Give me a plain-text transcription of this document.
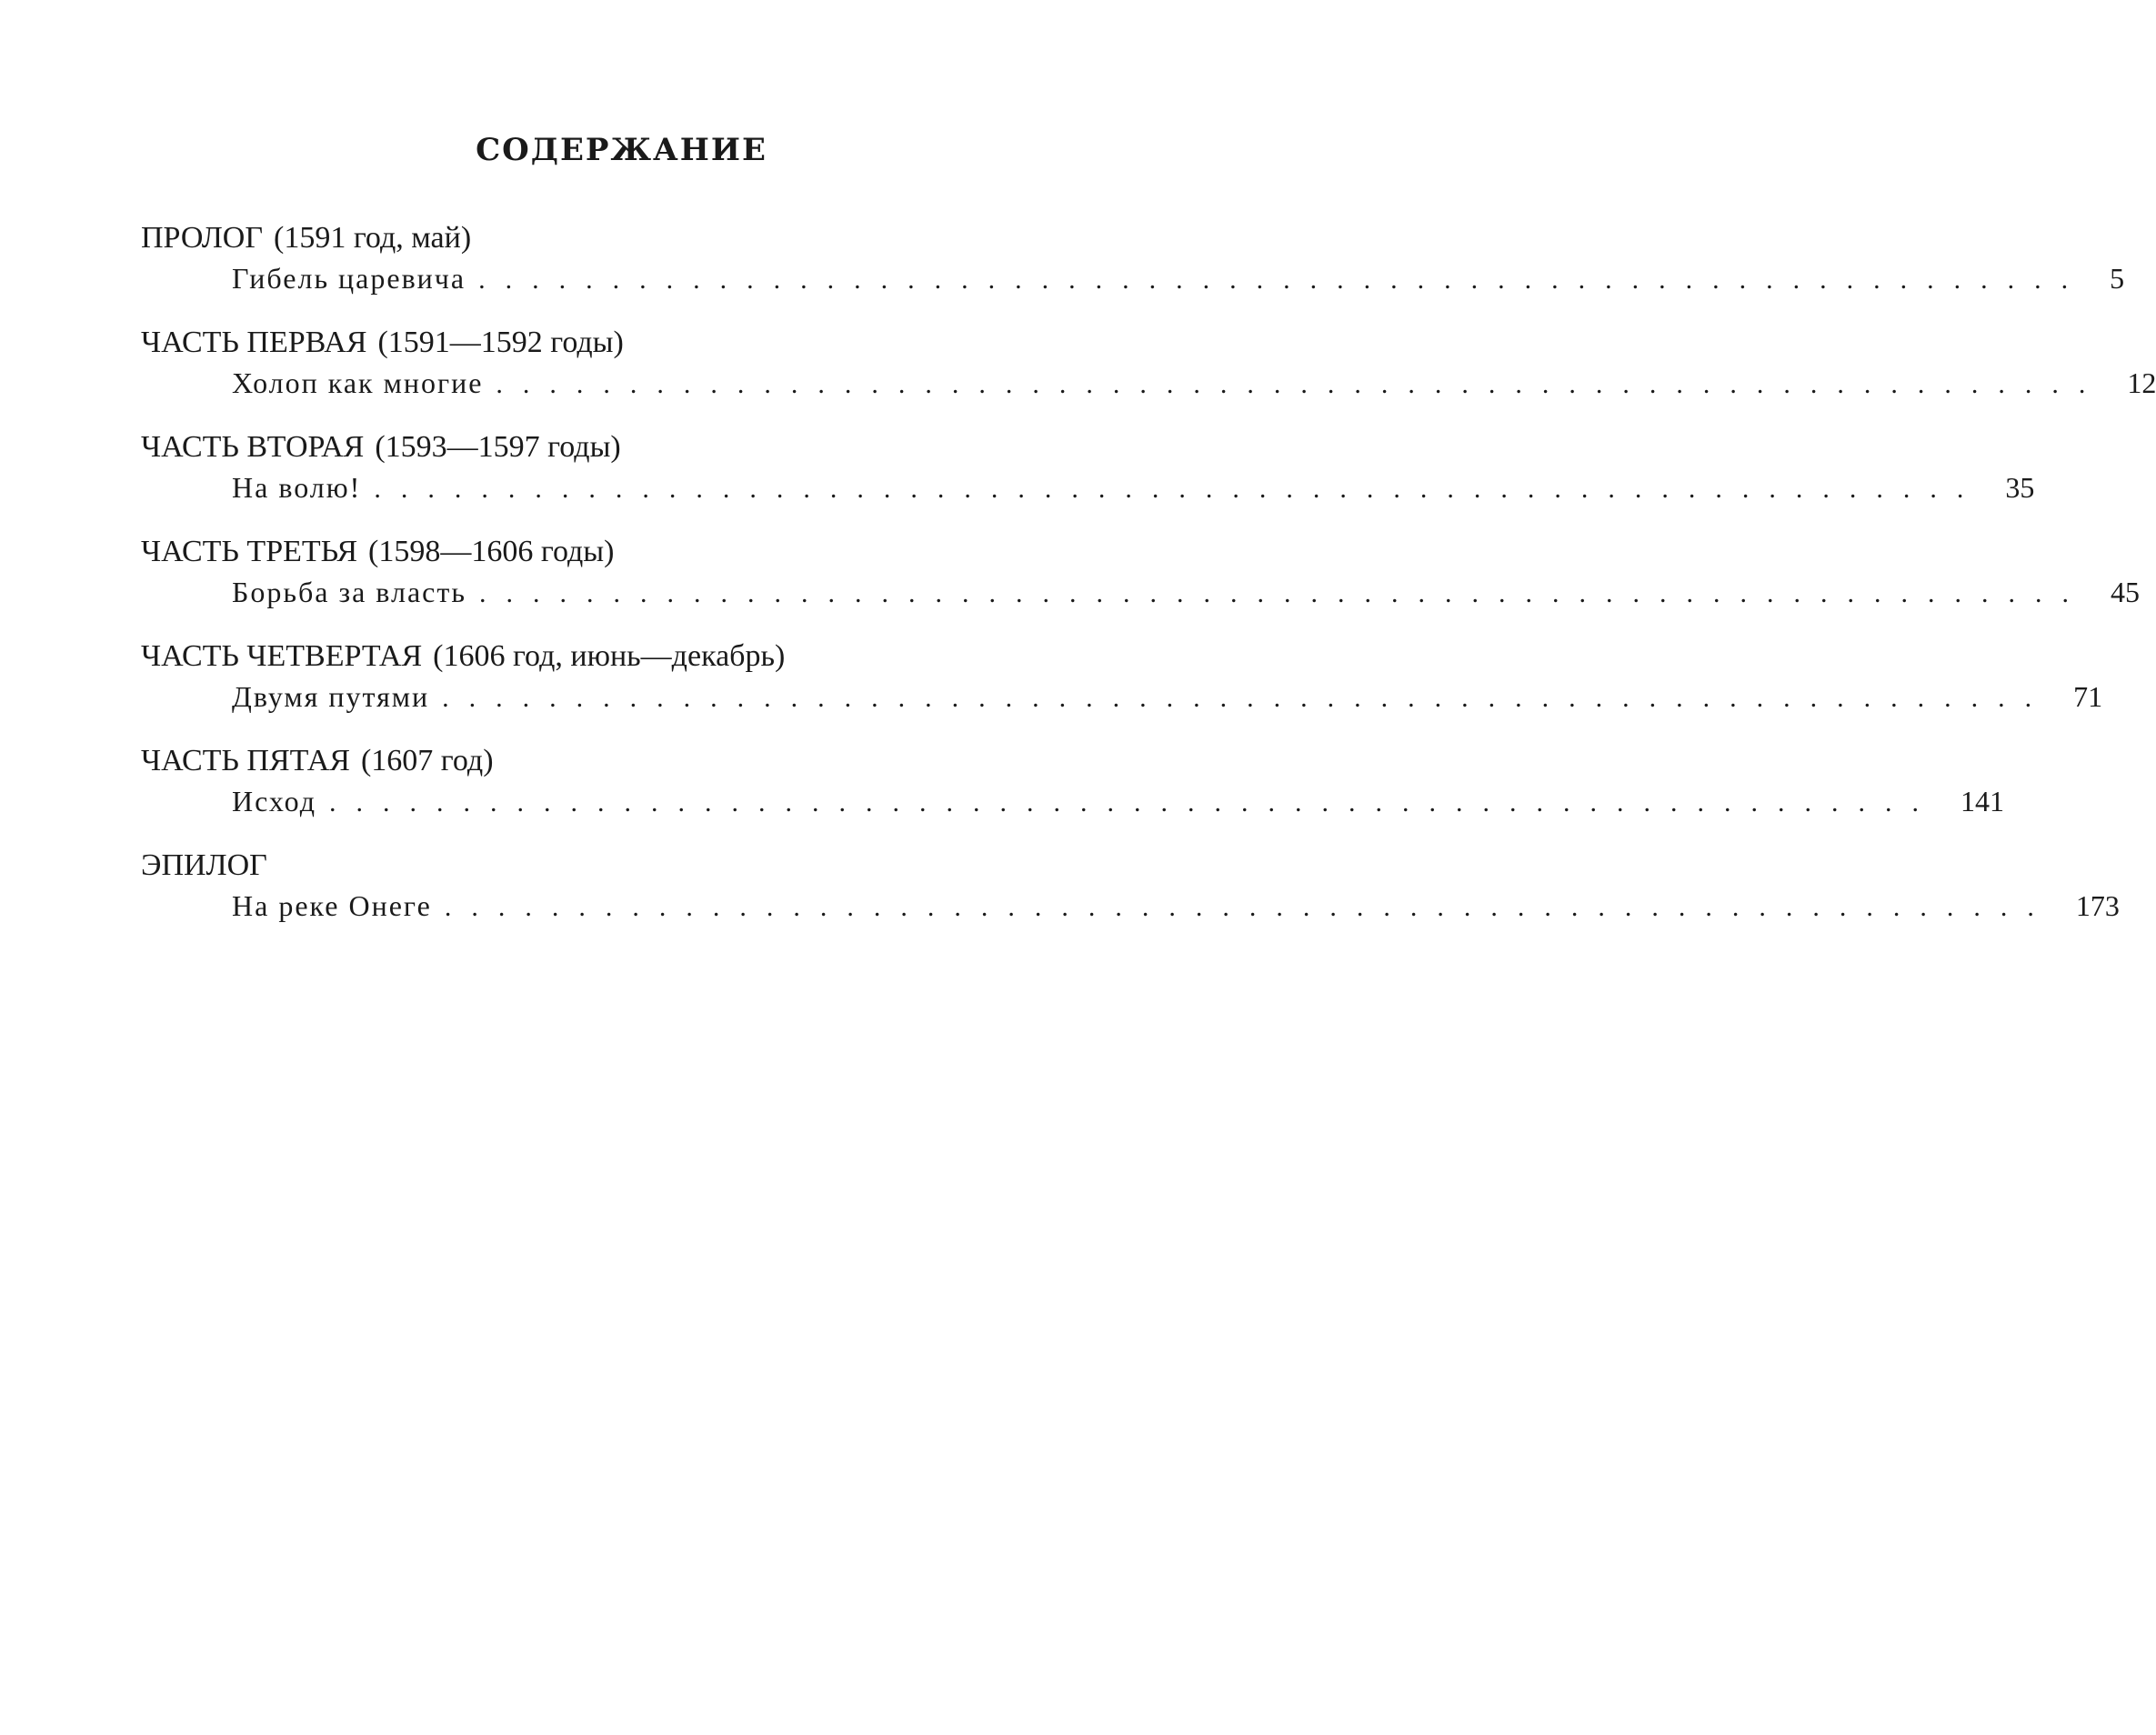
СОДЕРЖАНИЕ
ПРОЛОГ (1591 год, май)
Гибель царевича ............................................................ 5
ЧАСТЬ ПЕРВАЯ (1591—1592 годы)
Холоп как многие ............................................................ 12
ЧАСТЬ ВТОРАЯ (1593—1597 годы)
На волю! ............................................................ 35
ЧАСТЬ ТРЕТЬЯ (1598—1606 годы)
Борьба за власть ............................................................ 45
ЧАСТЬ ЧЕТВЕРТАЯ (1606 год, июнь—декабрь)
Двумя путями ............................................................ 71
ЧАСТЬ ПЯТАЯ (1607 год)
Исход ............................................................ 141
ЭПИЛОГ
На реке Онеге ............................................................ 173
